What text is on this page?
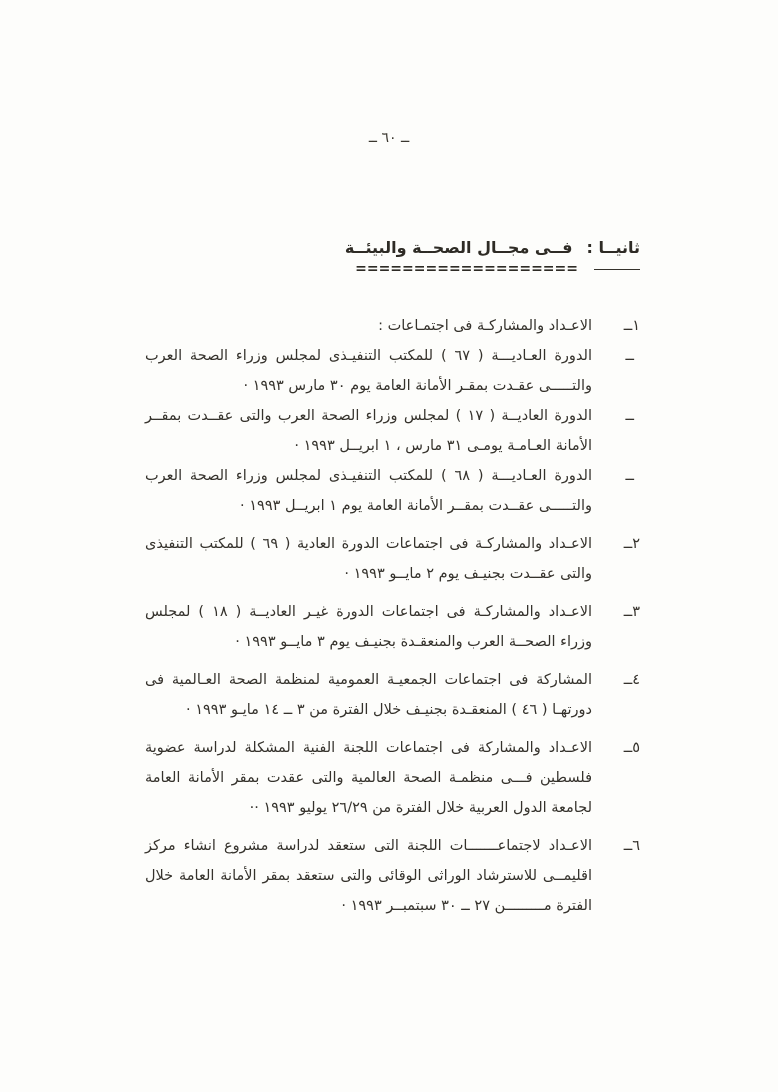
ــ ٦٠ ــ
ثانيــا :
فــى مجــال الصحــة والبيئــة
===================
١ــ
الاعـداد والمشاركـة فى اجتمـاعات :
ــ
الدورة العـاديـــة ( ٦٧ ) للمكتب التنفيـذى لمجلس وزراء الصحة العرب والتـــــى عقـدت بمقـر الأمانة العامة يوم ٣٠ مارس ١٩٩٣ ·
ــ
الدورة العاديــة ( ١٧ ) لمجلس وزراء الصحة العرب والتى عقــدت بمقــر الأمانة العـامـة يومـى ٣١ مارس ، ١ ابريــل ١٩٩٣ ·
ــ
الدورة العـاديـــة ( ٦٨ ) للمكتب التنفيـذى لمجلس وزراء الصحة العرب والتـــــى عقــدت بمقــر الأمانة العامة يوم ١ ابريــل ١٩٩٣ ·
٢ــ
الاعـداد والمشاركـة فى اجتماعات الدورة العادية ( ٦٩ ) للمكتب التنفيذى والتى عقــدت بجنيـف يوم ٢ مايــو ١٩٩٣ ·
٣ــ
الاعـداد والمشاركـة فى اجتماعات الدورة غيـر العاديــة ( ١٨ ) لمجلس وزراء الصحــة العرب والمنعقـدة بجنيـف يوم ٣ مايــو ١٩٩٣ ·
٤ــ
المشاركة فى اجتماعات الجمعيـة العمومية لمنظمة الصحة العـالمية فى دورتهـا ( ٤٦ ) المنعقـدة بجنيـف خلال الفترة من ٣ ــ ١٤ مايـو ١٩٩٣ ·
٥ــ
الاعـداد والمشاركة فى اجتماعات اللجنة الفنية المشكلة لدراسة عضوية فلسطين فـــى منظمـة الصحة العالمية والتى عقدت بمقر الأمانة العامة لجامعة الدول العربية خلال الفترة من ٢٦/٢٩ يوليو ١٩٩٣ ··
٦ــ
الاعـداد لاجتماعـــــــات اللجنة التى ستعقد لدراسة مشروع انشاء مركز اقليمــى للاسترشاد الوراثى الوقائى والتى ستعقد بمقر الأمانة العامة خلال الفترة مـــــــــن ٢٧ ــ ٣٠ سبتمبــر ١٩٩٣ ·
